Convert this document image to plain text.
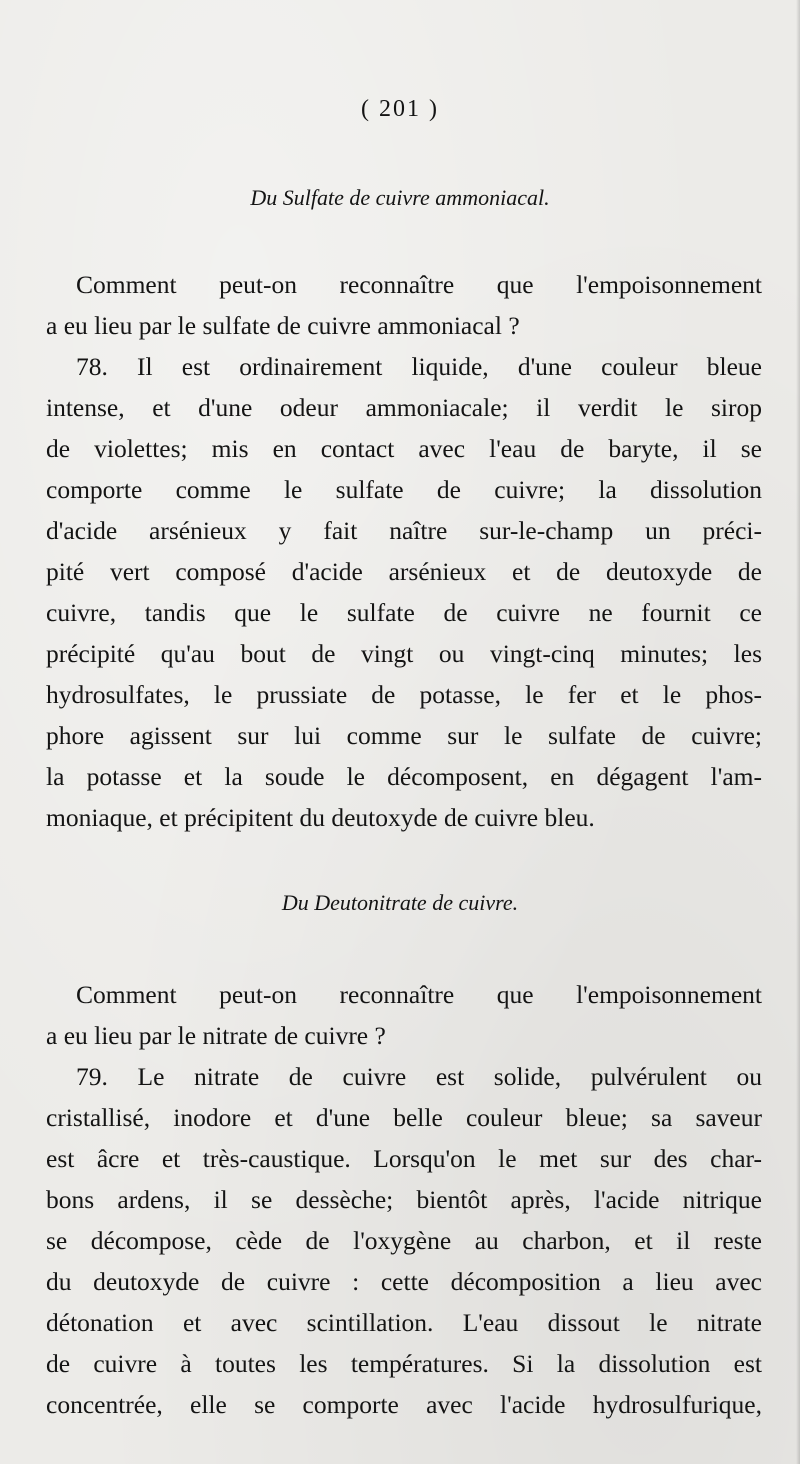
( 201 )
Du Sulfate de cuivre ammoniacal.
Comment peut-on reconnaître que l'empoisonnement
a eu lieu par le sulfate de cuivre ammoniacal ?
78. Il est ordinairement liquide, d'une couleur bleue
intense, et d'une odeur ammoniacale; il verdit le sirop
de violettes; mis en contact avec l'eau de baryte, il se
comporte comme le sulfate de cuivre; la dissolution
d'acide arsénieux y fait naître sur-le-champ un préci-
pité vert composé d'acide arsénieux et de deutoxyde de
cuivre, tandis que le sulfate de cuivre ne fournit ce
précipité qu'au bout de vingt ou vingt-cinq minutes; les
hydrosulfates, le prussiate de potasse, le fer et le phos-
phore agissent sur lui comme sur le sulfate de cuivre;
la potasse et la soude le décomposent, en dégagent l'am-
moniaque, et précipitent du deutoxyde de cuivre bleu.
Du Deutonitrate de cuivre.
Comment peut-on reconnaître que l'empoisonnement
a eu lieu par le nitrate de cuivre ?
79. Le nitrate de cuivre est solide, pulvérulent ou
cristallisé, inodore et d'une belle couleur bleue; sa saveur
est âcre et très-caustique. Lorsqu'on le met sur des char-
bons ardens, il se dessèche; bientôt après, l'acide nitrique
se décompose, cède de l'oxygène au charbon, et il reste
du deutoxyde de cuivre : cette décomposition a lieu avec
détonation et avec scintillation. L'eau dissout le nitrate
de cuivre à toutes les températures. Si la dissolution est
concentrée, elle se comporte avec l'acide hydrosulfurique,
